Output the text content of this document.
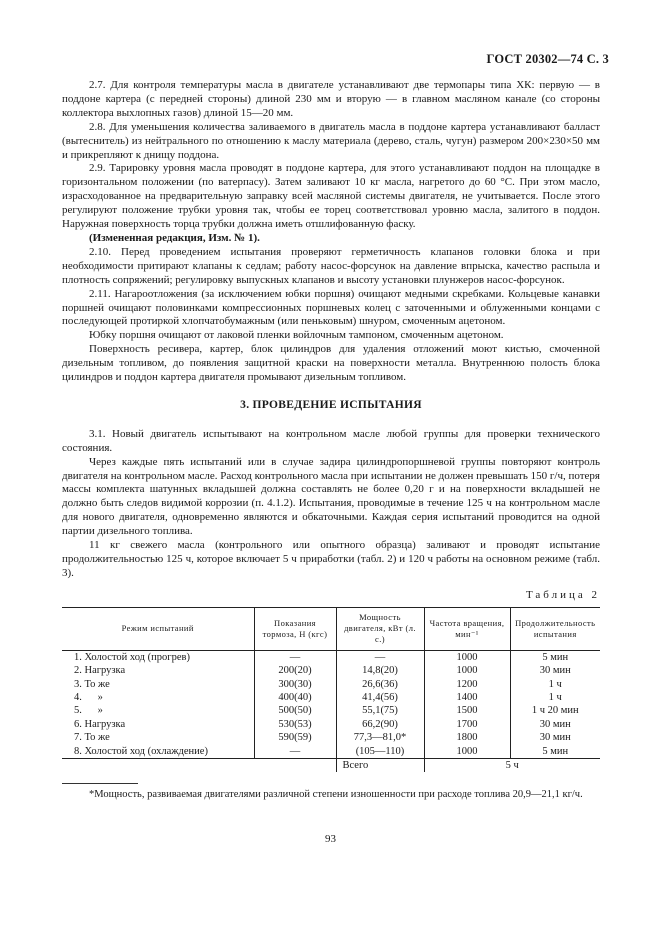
ГОСТ 20302—74 С. 3

2.7. Для контроля температуры масла в двигателе устанавливают две термопары типа ХК: первую — в поддоне картера (с передней стороны) длиной 230 мм и вторую — в главном масляном канале (со стороны коллектора выхлопных газов) длиной 15—20 мм.

2.8. Для уменьшения количества заливаемого в двигатель масла в поддоне картера устанавливают балласт (вытеснитель) из нейтрального по отношению к маслу материала (дерево, сталь, чугун) размером 200×230×50 мм и прикрепляют к днищу поддона.

2.9. Тарировку уровня масла проводят в поддоне картера, для этого устанавливают поддон на площадке в горизонтальном положении (по ватерпасу). Затем заливают 10 кг масла, нагретого до 60 °С. При этом масло, израсходованное на предварительную заправку всей масляной системы двигателя, не учитывается. После этого регулируют положение трубки уровня так, чтобы ее торец соответствовал уровню масла, залитого в поддон. Наружная поверхность торца трубки должна иметь отшлифованную фаску.

(Измененная редакция, Изм. № 1).

2.10. Перед проведением испытания проверяют герметичность клапанов головки блока и при необходимости притирают клапаны к седлам; работу насос-форсунок на давление впрыска, качество распыла и плотность сопряжений; регулировку выпускных клапанов и высоту установки плунжеров насос-форсунок.

2.11. Нагароотложения (за исключением юбки поршня) очищают медными скребками. Кольцевые канавки поршней очищают половинками компрессионных поршневых колец с заточенными и облуженными концами с последующей протиркой хлопчатобумажным (или пеньковым) шнуром, смоченным ацетоном.

Юбку поршня очищают от лаковой пленки войлочным тампоном, смоченным ацетоном.

Поверхность ресивера, картер, блок цилиндров для удаления отложений моют кистью, смоченной дизельным топливом, до появления защитной краски на поверхности металла. Внутреннюю полость блока цилиндров и поддон картера двигателя промывают дизельным топливом.

3. ПРОВЕДЕНИЕ ИСПЫТАНИЯ

3.1. Новый двигатель испытывают на контрольном масле любой группы для проверки технического состояния.

Через каждые пять испытаний или в случае задира цилиндропоршневой группы повторяют контроль двигателя на контрольном масле. Расход контрольного масла при испытании не должен превышать 150 г/ч, потеря массы комплекта шатунных вкладышей должна составлять не более 0,20 г и на поверхности вкладышей не должно быть следов видимой коррозии (п. 4.1.2). Испытания, проводимые в течение 125 ч на контрольном масле для нового двигателя, одновременно являются и обкаточными. Каждая серия испытаний проводится на одной партии дизельного топлива.

11 кг свежего масла (контрольного или опытного образца) заливают и проводят испытание продолжительностью 125 ч, которое включает 5 ч приработки (табл. 2) и 120 ч работы на основном режиме (табл. 3).

Таблица 2
Режим испытаний	Показания тормоза, Н (кгс)	Мощность двигателя, кВт (л. с.)	Частота вращения, мин⁻¹	Продолжительность испытания
1. Холостой ход (прогрев)	—	—	1000	5 мин
2. Нагрузка	200(20)	14,8(20)	1000	30 мин
3. То же	300(30)	26,6(36)	1200	1 ч
4.      »	400(40)	41,4(56)	1400	1 ч
5.      »	500(50)	55,1(75)	1500	1 ч 20 мин
6. Нагрузка	530(53)	66,2(90)	1700	30 мин
7. То же	590(59)	77,3—81,0*	1800	30 мин
8. Холостой ход (охлаждение)	—	(105—110)	1000	5 мин
		Всего	5 ч	
*Мощность, развиваемая двигателями различной степени изношенности при расходе топлива 20,9—21,1 кг/ч.
93
